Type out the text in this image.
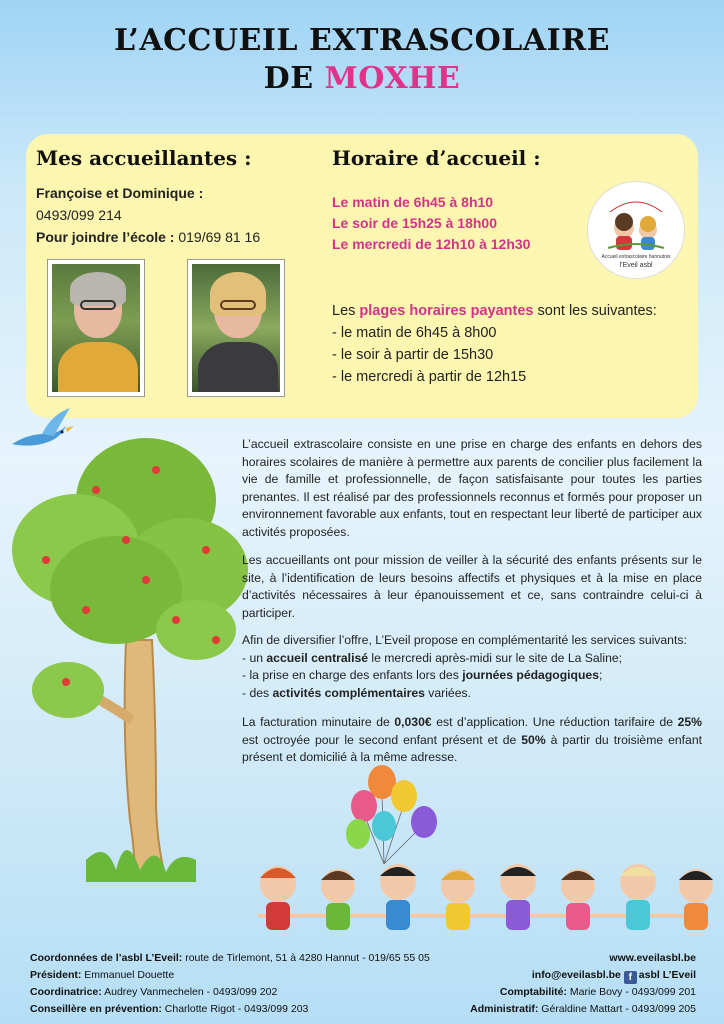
L’ACCUEIL EXTRASCOLAIRE
DE MOXHE
Mes accueillantes :	Horaire d’accueil :
Françoise et Dominique :
0493/099 214
Pour joindre l’école : 019/69 81 16
Le matin de 6h45 à 8h10
Le soir de 15h25 à 18h00
Le mercredi de 12h10 à 12h30
Accueil extrascolaire hannutois
l’Eveil asbl
Les plages horaires payantes sont les suivantes:
- le matin de 6h45 à 8h00
- le soir à partir de 15h30
- le mercredi à partir de 12h15
L’accueil extrascolaire consiste en une prise en charge des enfants en dehors des horaires scolaires de manière à permettre aux parents de concilier plus facilement la vie de famille et professionnelle, de façon satisfaisante pour toutes les parties prenantes. Il est réalisé par des professionnels reconnus et formés pour proposer un environnement favorable aux enfants, tout en respectant leur liberté de participer aux activités proposées.
Les accueillants ont pour mission de veiller à la sécurité des enfants présents sur le site, à l’identification de leurs besoins affectifs et physiques et à la mise en place d’activités nécessaires à leur épanouissement et ce, sans contraindre celui-ci à participer.
Afin de diversifier l’offre, L’Eveil propose en complémentarité les services suivants:
- un accueil centralisé le mercredi après-midi sur le site de La Saline;
- la prise en charge des enfants lors des journées pédagogiques;
- des activités complémentaires variées.
La facturation minutaire de 0,030€ est d’application. Une réduction tarifaire de 25% est octroyée pour le second enfant présent et de 50% à partir du troisième enfant présent et domicilié à la même adresse.
Coordonnées de l’asbl L’Eveil: route de Tirlemont, 51 à 4280 Hannut - 019/65 55 05
Président: Emmanuel Douette
Coordinatrice: Audrey Vanmechelen - 0493/099 202
Conseillère en prévention: Charlotte Rigot - 0493/099 203
www.eveilasbl.be
info@eveilasbl.be f asbl L’Eveil
Comptabilité: Marie Bovy - 0493/099 201
Administratif: Géraldine Mattart - 0493/099 205
